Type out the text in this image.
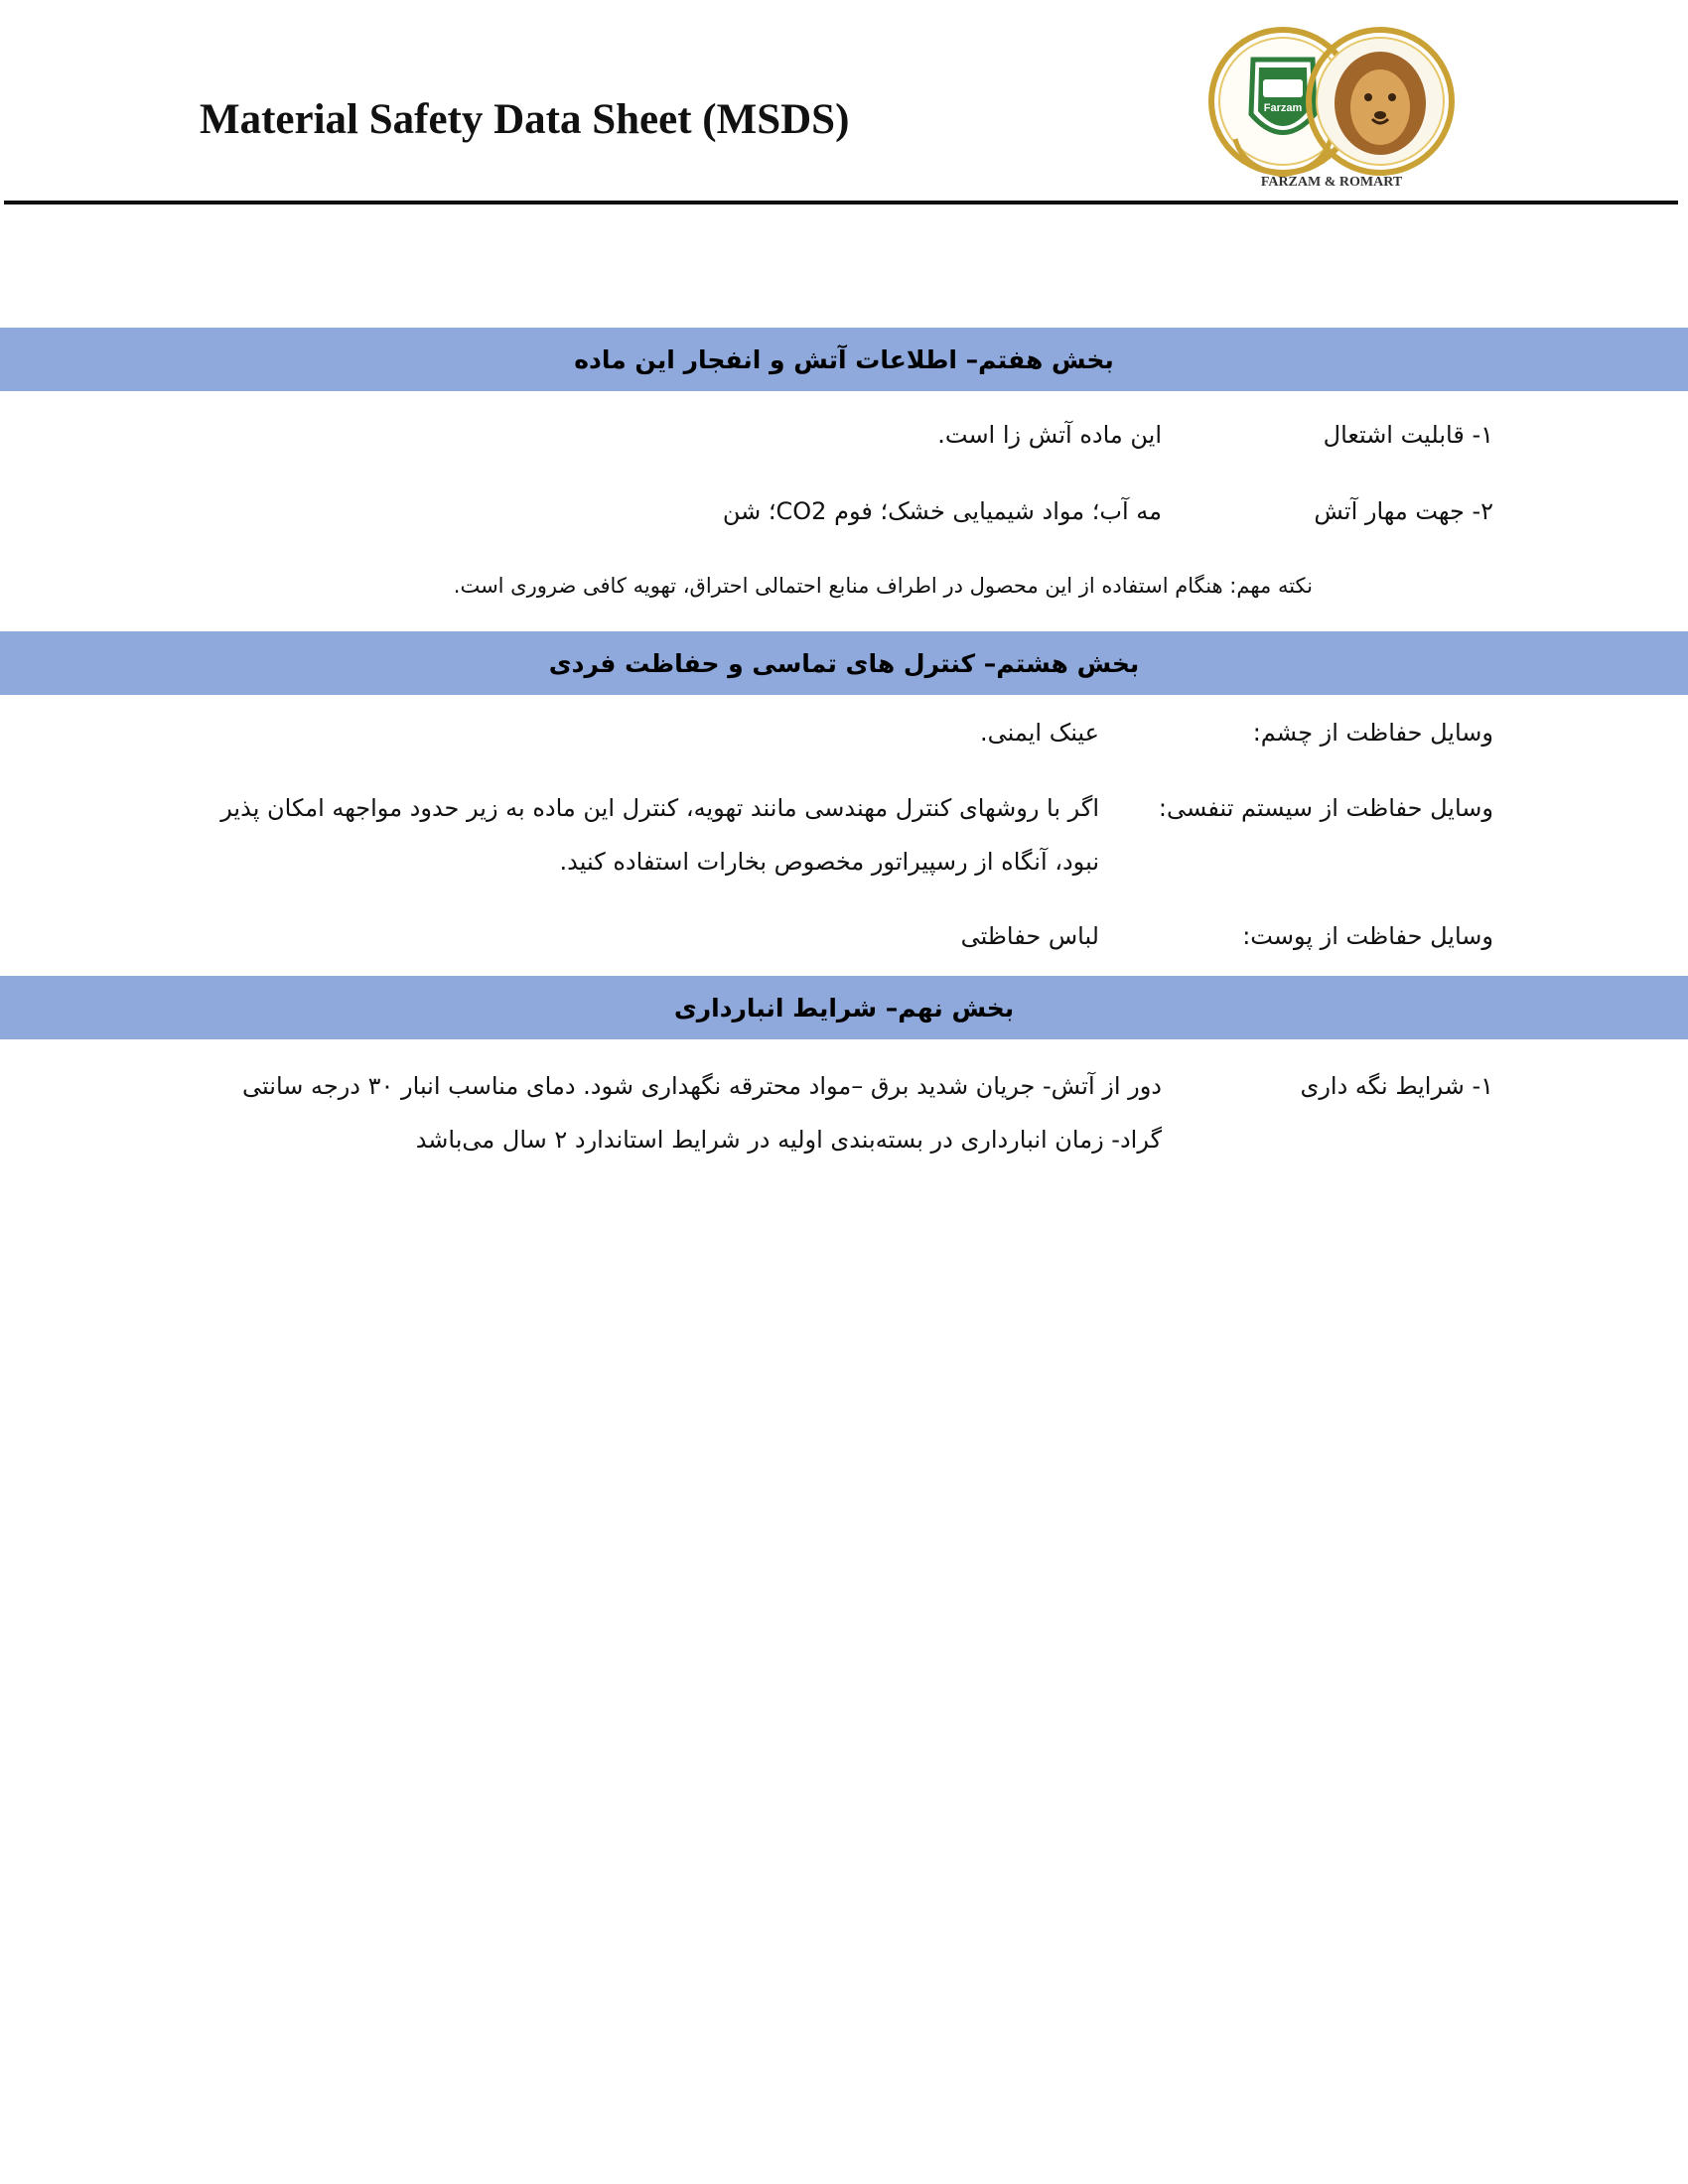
Material Safety Data Sheet (MSDS)	Farzam
FARZAM & ROMART
بخش هفتم– اطلاعات آتش و انفجار این ماده
۱- قابلیت اشتعال
این ماده آتش زا است.
۲- جهت مهار آتش
مه آب؛ مواد شیمیایی خشک؛ فوم CO2؛ شن
نکته مهم: هنگام استفاده از این محصول در اطراف منابع احتمالی احتراق، تهویه کافی ضروری است.
بخش هشتم– کنترل های تماسی و حفاظت فردی
وسایل حفاظت از چشم:
عینک ایمنی.
وسایل حفاظت از سیستم تنفسی:
اگر با روشهای کنترل مهندسی مانند تهویه، کنترل این ماده به زیر حدود مواجهه امکان پذیر نبود، آنگاه از رسپیراتور مخصوص بخارات استفاده کنید.
وسایل حفاظت از پوست:
لباس حفاظتی
بخش نهم– شرایط انبارداری
۱- شرایط نگه داری
دور از آتش- جریان شدید برق –مواد محترقه نگهداری شود. دمای مناسب انبار ۳۰ درجه سانتی گراد- زمان انبارداری در بسته‌بندی اولیه در شرایط استاندارد ۲ سال می‌باشد
